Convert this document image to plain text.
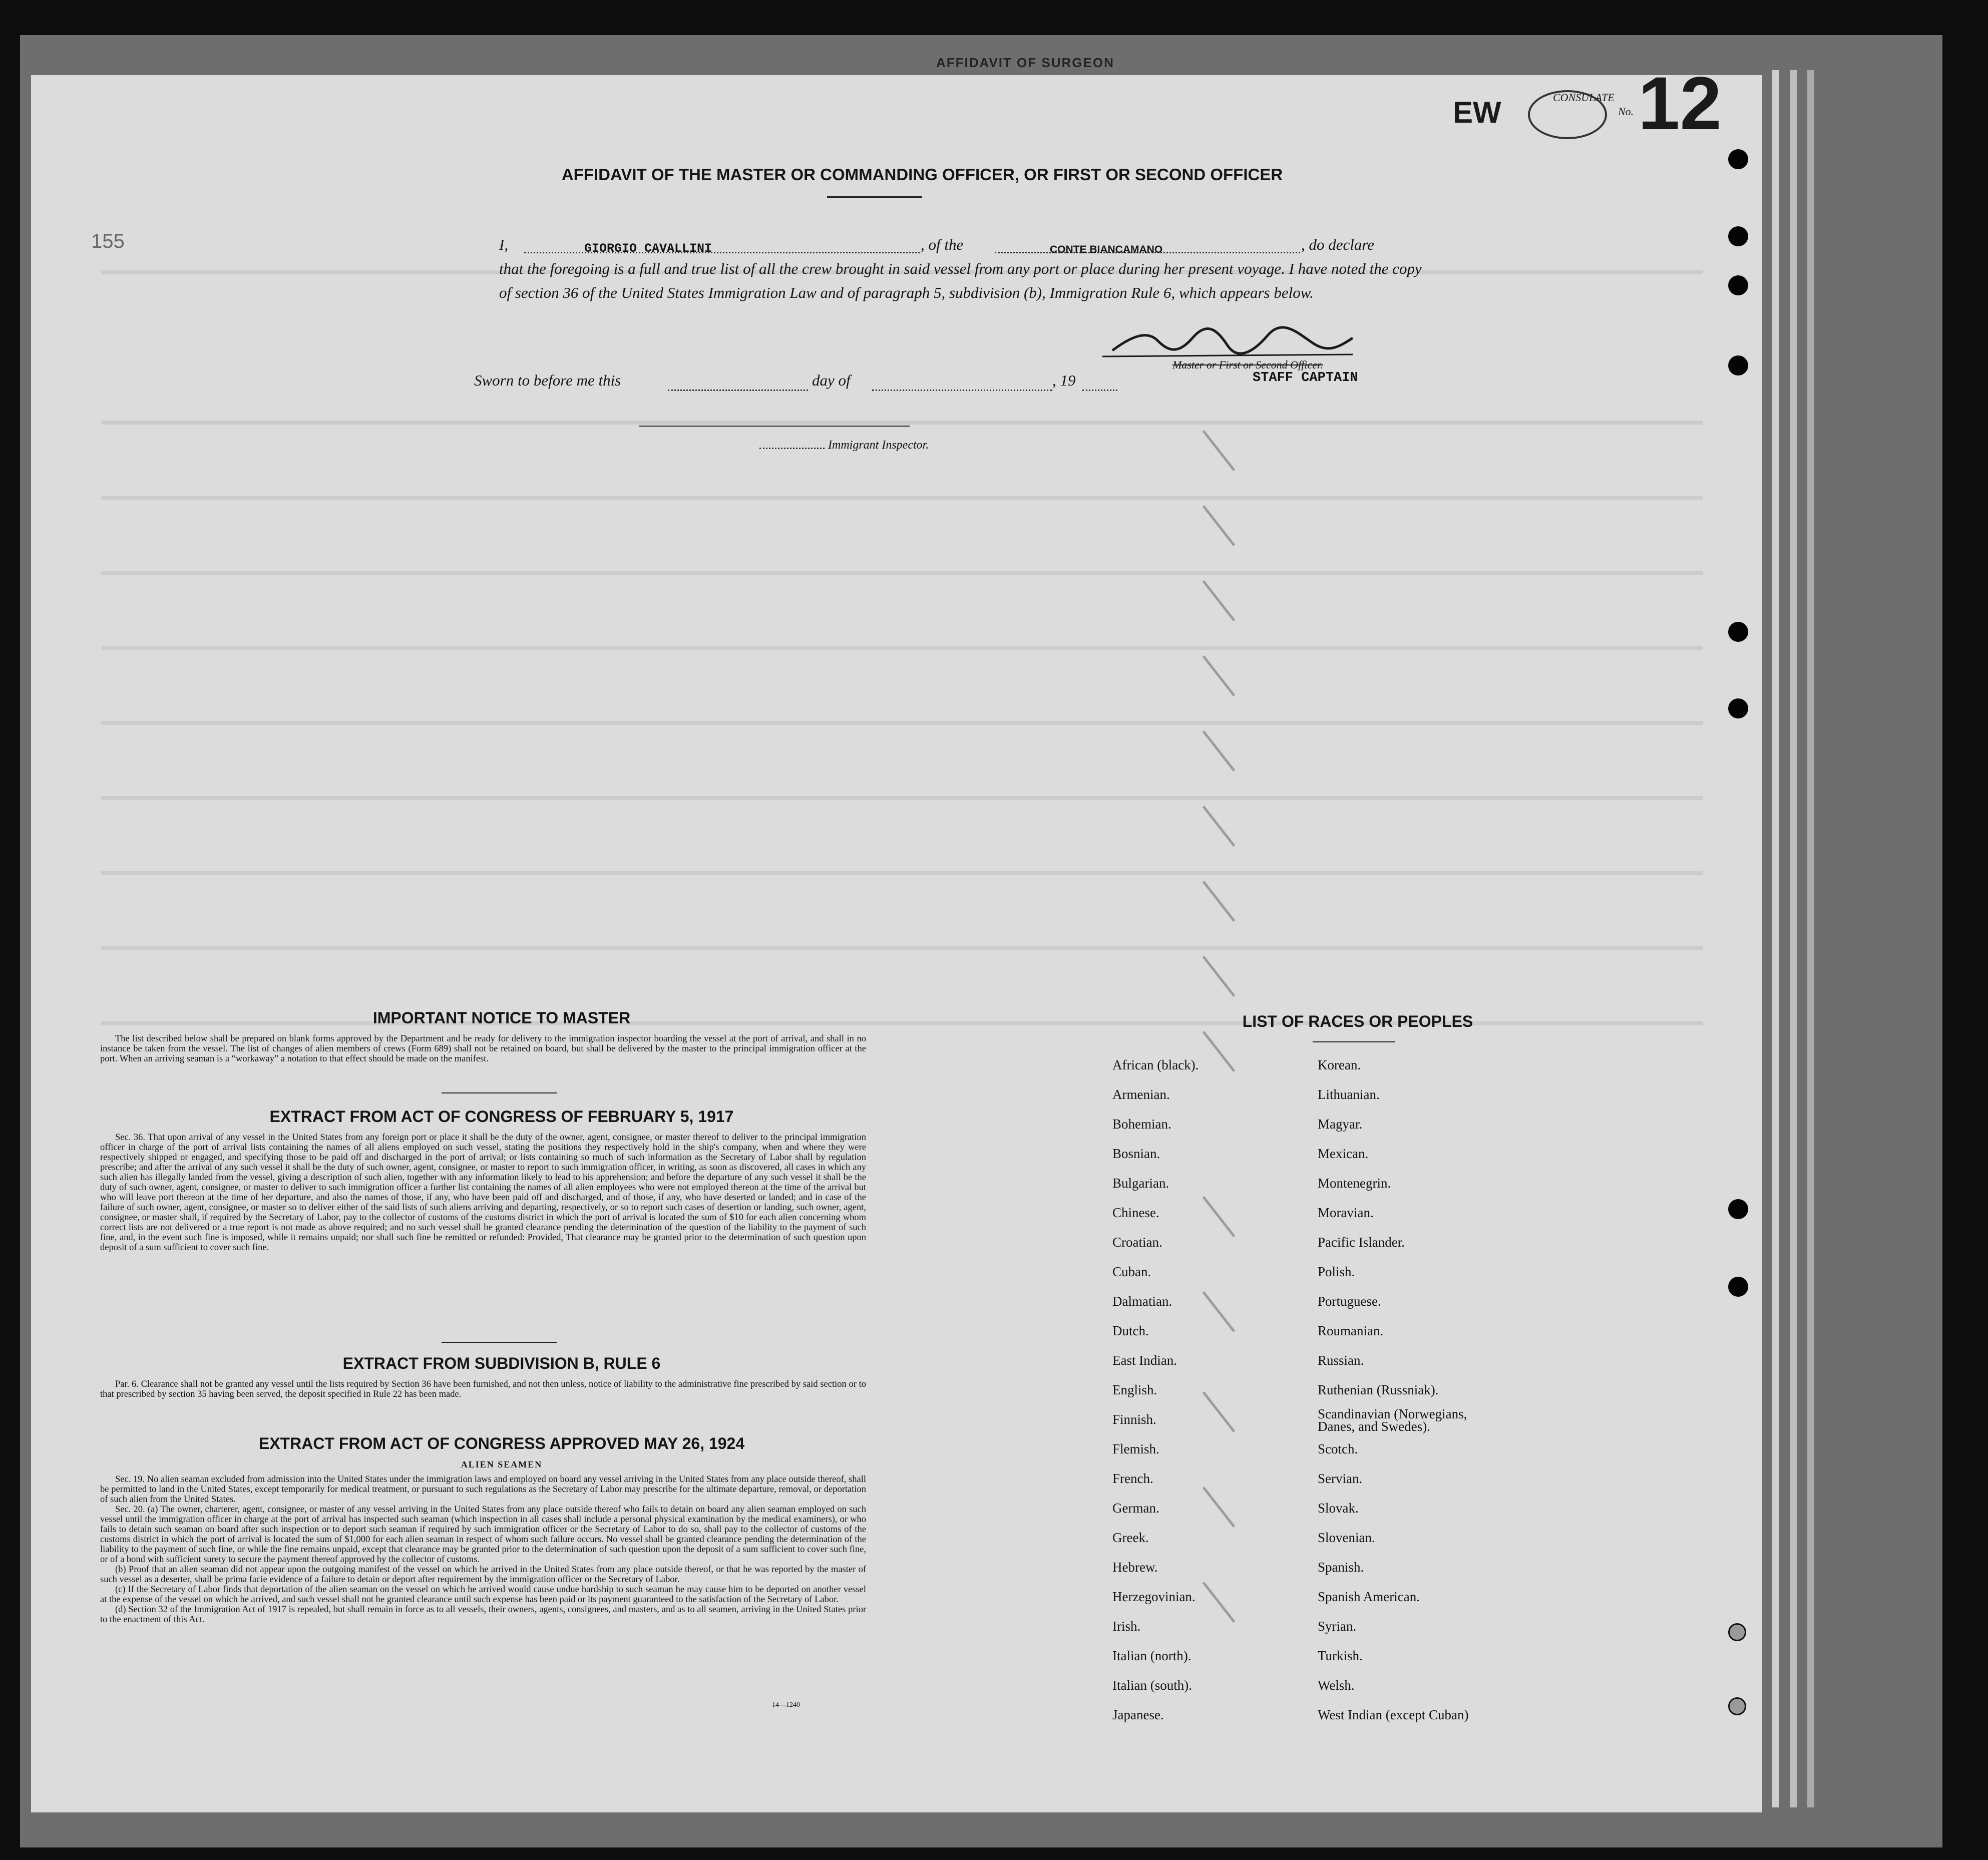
AFFIDAVIT OF SURGEON
EW	CONSULATE
No. 12
155
AFFIDAVIT OF THE MASTER OR COMMANDING OFFICER, OR FIRST OR SECOND OFFICER
I,	GIORGIO CAVALLINI	, of the	CONTE BIANCAMANO	, do declare
that the foregoing is a full and true list of all the crew brought in said vessel from any port or place during her present voyage. I have noted the copy of section 36 of the United States Immigration Law and of paragraph 5, subdivision (b), Immigration Rule 6, which appears below.
Master or First or Second Officer.
STAFF CAPTAIN
Sworn to before me this	day of	, 19
Immigrant Inspector.
IMPORTANT NOTICE TO MASTER

The list described below shall be prepared on blank forms approved by the Department and be ready for delivery to the immigration inspector boarding the vessel at the port of arrival, and shall in no instance be taken from the vessel. The list of changes of alien members of crews (Form 689) shall not be retained on board, but shall be delivered by the master to the principal immigration officer at the port. When an arriving seaman is a “workaway” a notation to that effect should be made on the manifest.

EXTRACT FROM ACT OF CONGRESS OF FEBRUARY 5, 1917

Sec. 36. That upon arrival of any vessel in the United States from any foreign port or place it shall be the duty of the owner, agent, consignee, or master thereof to deliver to the principal immigration officer in charge of the port of arrival lists containing the names of all aliens employed on such vessel, stating the positions they respectively hold in the ship's company, when and where they were respectively shipped or engaged, and specifying those to be paid off and discharged in the port of arrival; or lists containing so much of such information as the Secretary of Labor shall by regulation prescribe; and after the arrival of any such vessel it shall be the duty of such owner, agent, consignee, or master to report to such immigration officer, in writing, as soon as discovered, all cases in which any such alien has illegally landed from the vessel, giving a description of such alien, together with any information likely to lead to his apprehension; and before the departure of any such vessel it shall be the duty of such owner, agent, consignee, or master to deliver to such immigration officer a further list containing the names of all alien employees who were not employed thereon at the time of the arrival but who will leave port thereon at the time of her departure, and also the names of those, if any, who have been paid off and discharged, and of those, if any, who have deserted or landed; and in case of the failure of such owner, agent, consignee, or master so to deliver either of the said lists of such aliens arriving and departing, respectively, or so to report such cases of desertion or landing, such owner, agent, consignee, or master shall, if required by the Secretary of Labor, pay to the collector of customs of the customs district in which the port of arrival is located the sum of $10 for each alien concerning whom correct lists are not delivered or a true report is not made as above required; and no such vessel shall be granted clearance pending the determination of the question of the liability to the payment of such fine, and, in the event such fine is imposed, while it remains unpaid; nor shall such fine be remitted or refunded: Provided, That clearance may be granted prior to the determination of such question upon deposit of a sum sufficient to cover such fine.

EXTRACT FROM SUBDIVISION B, RULE 6

Par. 6. Clearance shall not be granted any vessel until the lists required by Section 36 have been furnished, and not then unless, notice of liability to the administrative fine prescribed by said section or to that prescribed by section 35 having been served, the deposit specified in Rule 22 has been made.

EXTRACT FROM ACT OF CONGRESS APPROVED MAY 26, 1924
ALIEN SEAMEN

Sec. 19. No alien seaman excluded from admission into the United States under the immigration laws and employed on board any vessel arriving in the United States from any place outside thereof, shall be permitted to land in the United States, except temporarily for medical treatment, or pursuant to such regulations as the Secretary of Labor may prescribe for the ultimate departure, removal, or deportation of such alien from the United States.

Sec. 20. (a) The owner, charterer, agent, consignee, or master of any vessel arriving in the United States from any place outside thereof who fails to detain on board any alien seaman employed on such vessel until the immigration officer in charge at the port of arrival has inspected such seaman (which inspection in all cases shall include a personal physical examination by the medical examiners), or who fails to detain such seaman on board after such inspection or to deport such seaman if required by such immigration officer or the Secretary of Labor to do so, shall pay to the collector of customs of the customs district in which the port of arrival is located the sum of $1,000 for each alien seaman in respect of whom such failure occurs. No vessel shall be granted clearance pending the determination of the liability to the payment of such fine, or while the fine remains unpaid, except that clearance may be granted prior to the determination of such question upon the deposit of a sum sufficient to cover such fine, or of a bond with sufficient surety to secure the payment thereof approved by the collector of customs.

(b) Proof that an alien seaman did not appear upon the outgoing manifest of the vessel on which he arrived in the United States from any place outside thereof, or that he was reported by the master of such vessel as a deserter, shall be prima facie evidence of a failure to detain or deport after requirement by the immigration officer or the Secretary of Labor.

(c) If the Secretary of Labor finds that deportation of the alien seaman on the vessel on which he arrived would cause undue hardship to such seaman he may cause him to be deported on another vessel at the expense of the vessel on which he arrived, and such vessel shall not be granted clearance until such expense has been paid or its payment guaranteed to the satisfaction of the Secretary of Labor.

(d) Section 32 of the Immigration Act of 1917 is repealed, but shall remain in force as to all vessels, their owners, agents, consignees, and masters, and as to all seamen, arriving in the United States prior to the enactment of this Act.

14—1240
LIST OF RACES OR PEOPLES
African (black).
Armenian.
Bohemian.
Bosnian.
Bulgarian.
Chinese.
Croatian.
Cuban.
Dalmatian.
Dutch.
East Indian.
English.
Finnish.
Flemish.
French.
German.
Greek.
Hebrew.
Herzegovinian.
Irish.
Italian (north).
Italian (south).
Japanese.
Korean.
Lithuanian.
Magyar.
Mexican.
Montenegrin.
Moravian.
Pacific Islander.
Polish.
Portuguese.
Roumanian.
Russian.
Ruthenian (Russniak).
Scandinavian (Norwegians, Danes, and Swedes).
Scotch.
Servian.
Slovak.
Slovenian.
Spanish.
Spanish American.
Syrian.
Turkish.
Welsh.
West Indian (except Cuban)
